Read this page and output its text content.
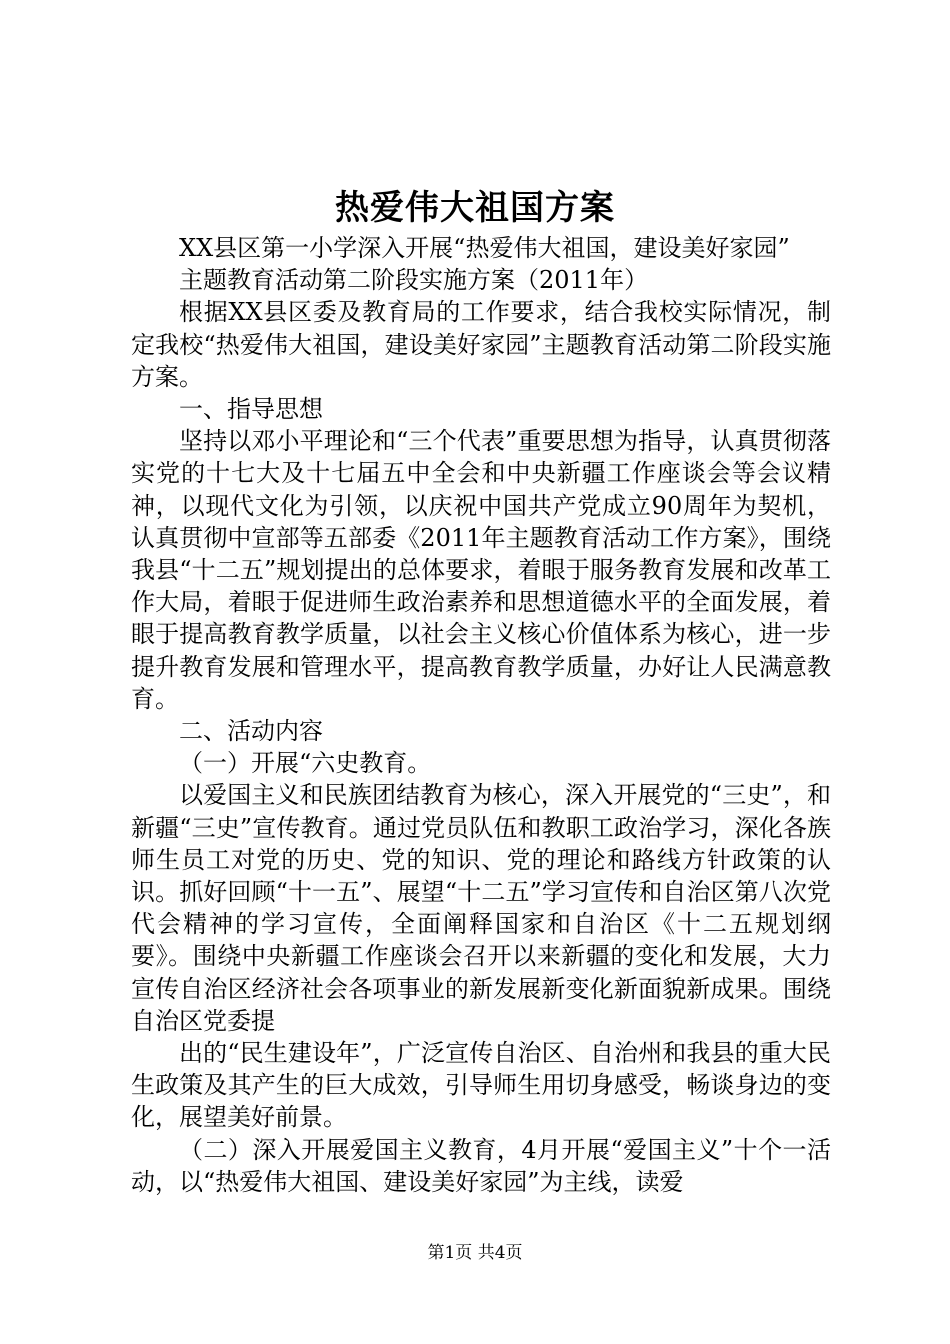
热爱伟大祖国方案

XX县区第一小学深入开展“热爱伟大祖国，建设美好家园”

主题教育活动第二阶段实施方案（2011年）

根据XX县区委及教育局的工作要求，结合我校实际情况，制定我校“热爱伟大祖国，建设美好家园”主题教育活动第二阶段实施方案。

一、指导思想

坚持以邓小平理论和“三个代表”重要思想为指导，认真贯彻落实党的十七大及十七届五中全会和中央新疆工作座谈会等会议精神，以现代文化为引领，以庆祝中国共产党成立90周年为契机，认真贯彻中宣部等五部委《2011年主题教育活动工作方案》，围绕我县“十二五”规划提出的总体要求，着眼于服务教育发展和改革工作大局，着眼于促进师生政治素养和思想道德水平的全面发展，着眼于提高教育教学质量，以社会主义核心价值体系为核心，进一步提升教育发展和管理水平，提高教育教学质量，办好让人民满意教育。

二、活动内容

（一）开展“六史教育。

以爱国主义和民族团结教育为核心，深入开展党的“三史”，和新疆“三史”宣传教育。通过党员队伍和教职工政治学习，深化各族师生员工对党的历史、党的知识、党的理论和路线方针政策的认识。抓好回顾“十一五”、展望“十二五”学习宣传和自治区第八次党代会精神的学习宣传，全面阐释国家和自治区《十二五规划纲要》。围绕中央新疆工作座谈会召开以来新疆的变化和发展，大力宣传自治区经济社会各项事业的新发展新变化新面貌新成果。围绕自治区党委提

出的“民生建设年”，广泛宣传自治区、自治州和我县的重大民生政策及其产生的巨大成效，引导师生用切身感受，畅谈身边的变化，展望美好前景。

（二）深入开展爱国主义教育，4月开展“爱国主义”十个一活动，以“热爱伟大祖国、建设美好家园”为主线，读爱

第1页 共4页
